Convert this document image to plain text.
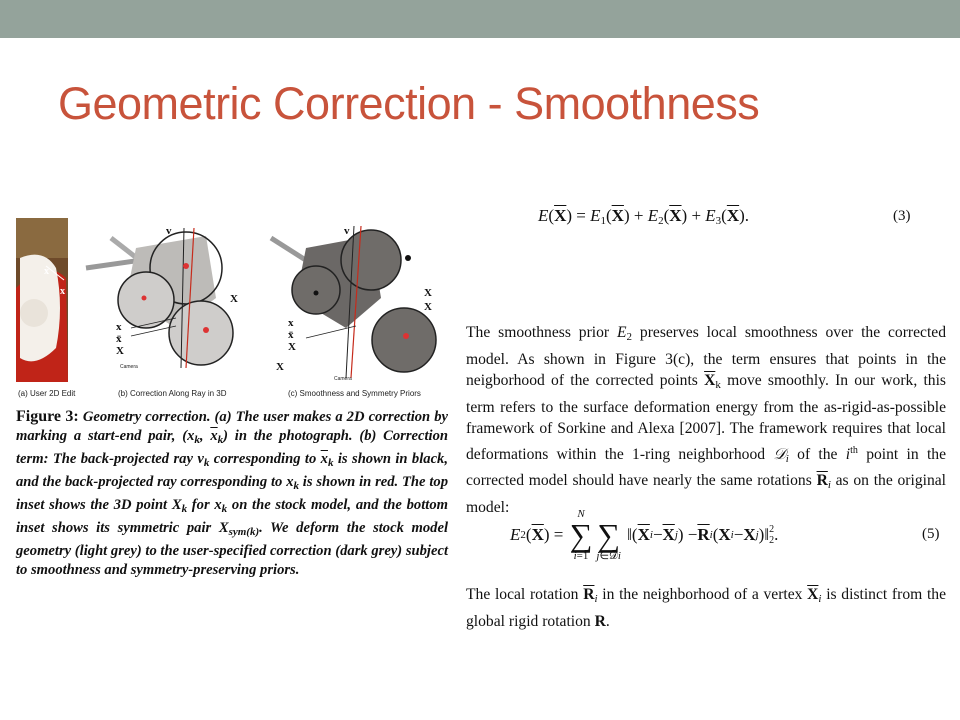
Geometric Correction - Smoothness
x
x
(a) User 2D Edit
v
X
x
x̄
X
Camera
(b) Correction Along Ray in 3D
v
X
X
x
x̄
X
X
Camera
(c) Smoothness and Symmetry Priors
Figure 3: Geometry correction. (a) The user makes a 2D correction by marking a start-end pair, ($x_k$, $\overline{x}_k$) in the photograph. (b) Correction term: The back-projected ray $v_k$ corresponding to $\overline{x}_k$ is shown in black, and the back-projected ray corresponding to $x_k$ is shown in red. The top inset shows the 3D point $X_k$ for $x_k$ on the stock model, and the bottom inset shows its symmetric pair $X_{sym(k)}$. We deform the stock model geometry (light grey) to the user-specified correction (dark grey) subject to smoothness and symmetry-preserving priors.
$E(\overline{X}) = E_1(\overline{X}) + E_2(\overline{X}) + E_3(\overline{X})$.	(3)
The smoothness prior $E_2$ preserves local smoothness over the corrected model. As shown in Figure 3(c), the term ensures that points in the neigborhood of the corrected points $\overline{X}_k$ move smoothly. In our work, this term refers to the surface deformation energy from the as-rigid-as-possible framework of Sorkine and Alexa [2007]. The framework requires that local deformations within the 1-ring neighborhood 𝒟$_i$ of the $i^{th}$ point in the corrected model should have nearly the same rotations $\overline{R}_i$ as on the original model:
E 2 ( $\overline{X}$ ) =
N
∑
i=1

∑
j∈𝒟i
‖( $\overline{X}$ $i - \overline{X}$ j ) − $\overline{R}$ i ( X i − X j )‖ 2
2 .	(5)
The local rotation $\overline{R}_i$ in the neighborhood of a vertex $\overline{X}_i$ is distinct from the global rigid rotation R.
